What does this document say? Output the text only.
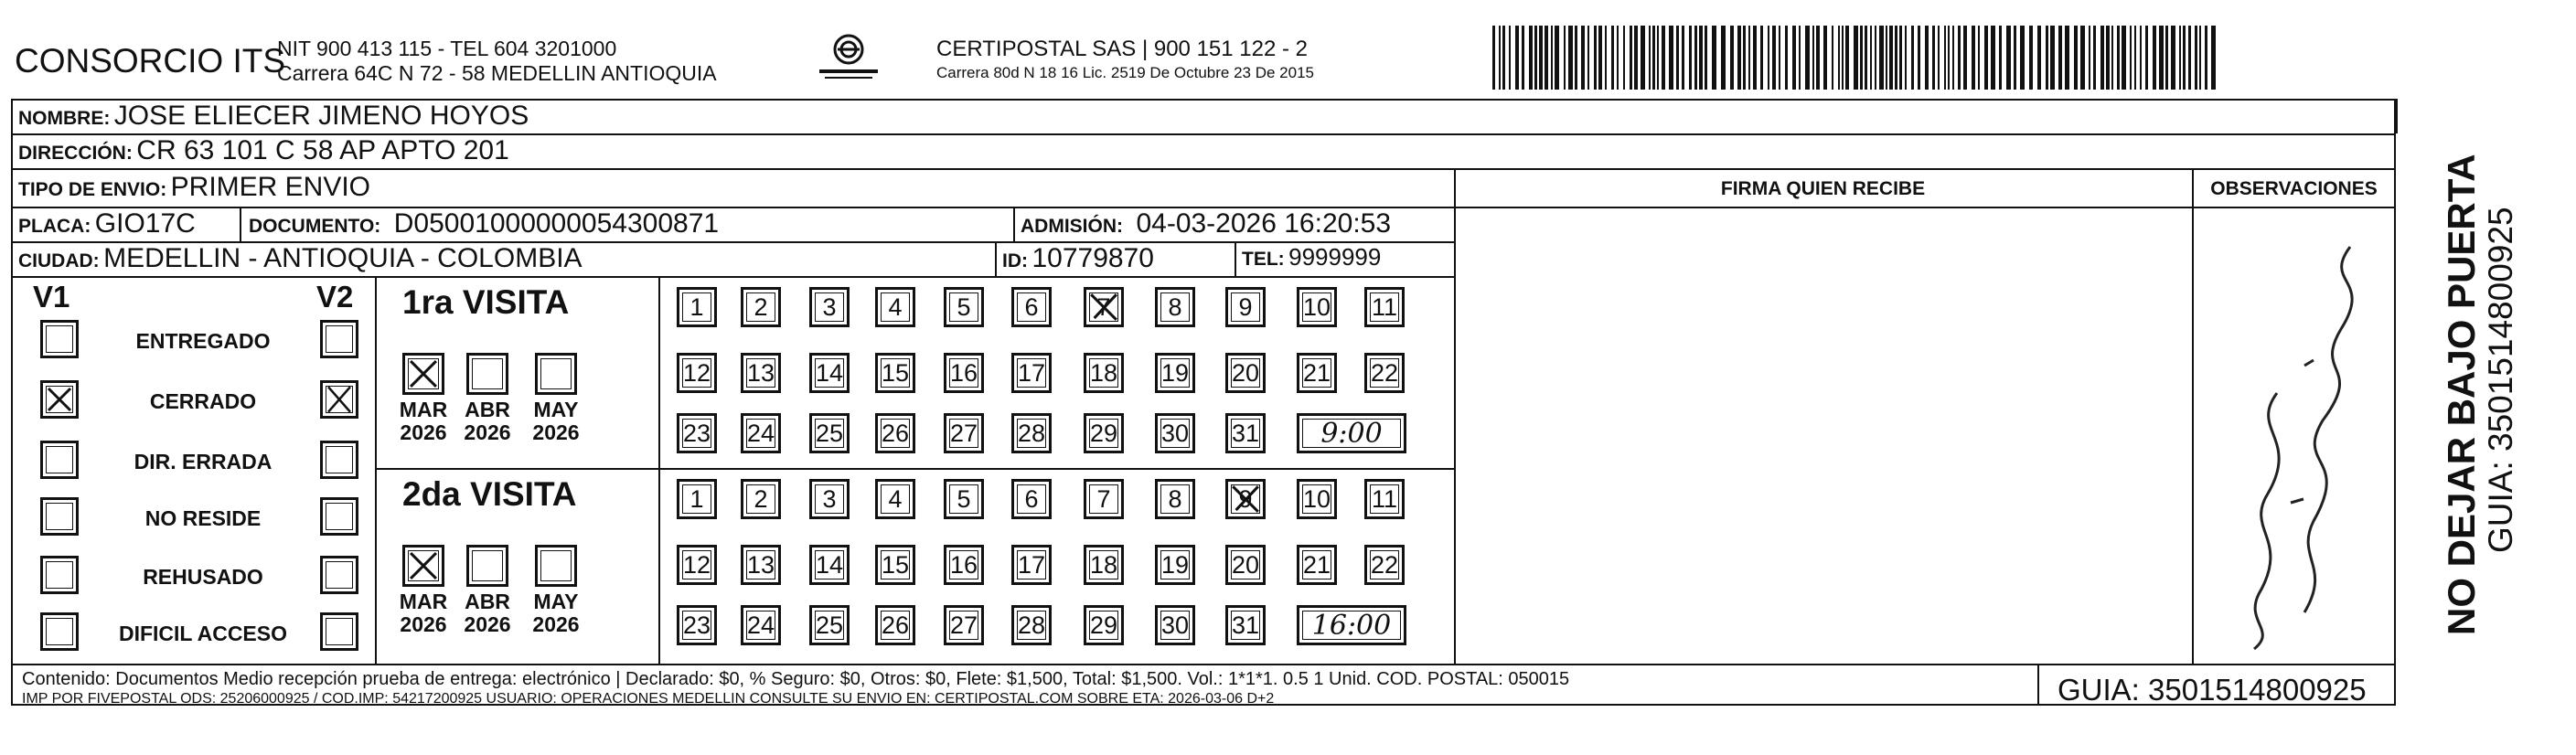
CONSORCIO ITS
NIT 900 413 115 - TEL 604 3201000
Carrera 64C N 72 - 58 MEDELLIN ANTIOQUIA
CERTIPOSTAL SAS | 900 151 122 - 2
Carrera 80d N 18 16 Lic. 2519 De Octubre 23 De 2015
NOMBRE: JOSE ELIECER JIMENO HOYOS
DIRECCIÓN: CR 63 101 C 58 AP APTO 201
TIPO DE ENVIO: PRIMER ENVIO	FIRMA QUIEN RECIBE	OBSERVACIONES
PLACA: GIO17C	DOCUMENTO: D05001000000054300871	ADMISIÓN: 04-03-2026 16:20:53
CIUDAD: MEDELLIN - ANTIOQUIA - COLOMBIA	ID: 10779870	TEL: 9999999
V1	V2
ENTREGADO
CERRADO
DIR. ERRADA
NO RESIDE
REHUSADO
DIFICIL ACCESO
1ra VISITA
MAR
2026
ABR
2026
MAY
2026
1 2 3 4 5 6 7 8 9 10 11
12 13 14 15 16 17 18 19 20 21 22
23 24 25 26 27 28 29 30 31 9:00
2da VISITA
MAR
2026
ABR
2026
MAY
2026
1 2 3 4 5 6 7 8 9 10 11
12 13 14 15 16 17 18 19 20 21 22
23 24 25 26 27 28 29 30 31 16:00
Contenido: Documentos Medio recepción prueba de entrega: electrónico | Declarado: $0, % Seguro: $0, Otros: $0, Flete: $1,500, Total: $1,500. Vol.: 1*1*1. 0.5 1 Unid. COD. POSTAL: 050015
IMP POR FIVEPOSTAL ODS: 25206000925 / COD.IMP: 54217200925 USUARIO: OPERACIONES MEDELLIN CONSULTE SU ENVIO EN: CERTIPOSTAL.COM SOBRE ETA: 2026-03-06 D+2	GUIA: 3501514800925
NO DEJAR BAJO PUERTA GUIA: 3501514800925
